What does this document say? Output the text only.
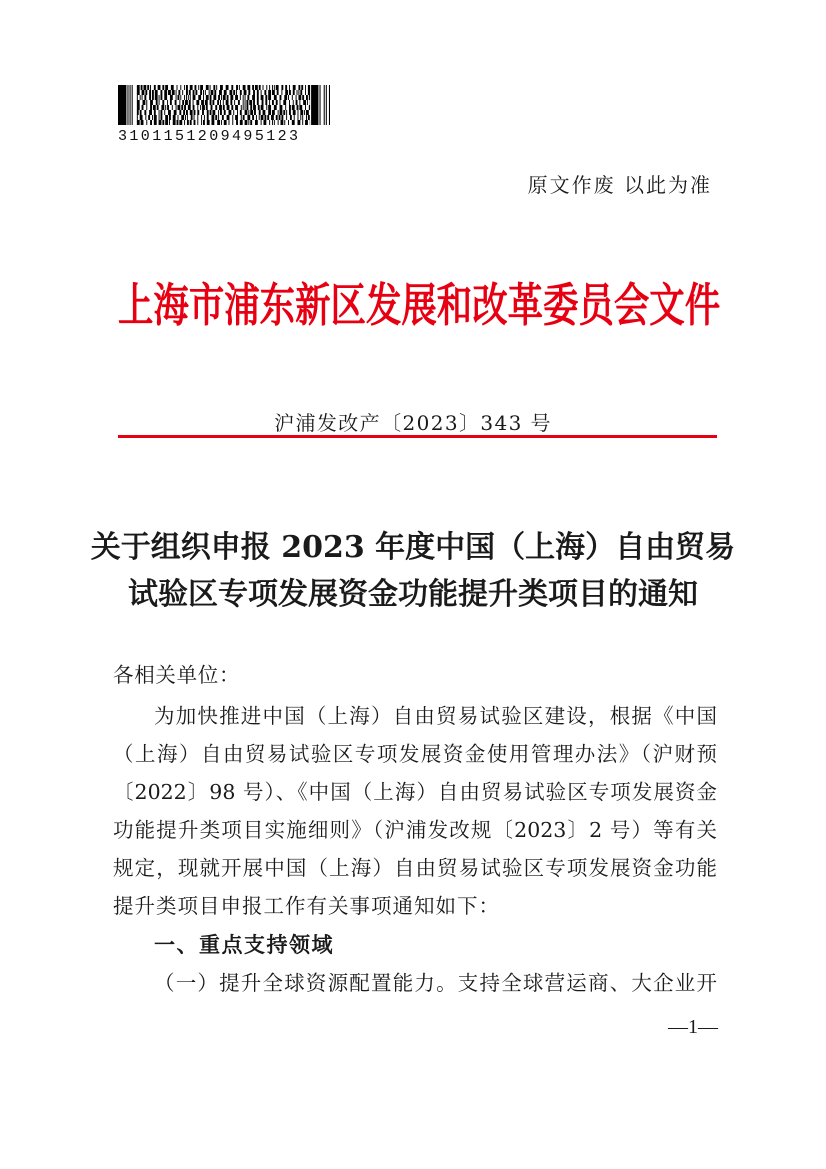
3101151209495123
原文作废 以此为准
上海市浦东新区发展和改革委员会文件
沪浦发改产〔2023〕343 号
关于组织申报 2023 年度中国（上海）自由贸易
试验区专项发展资金功能提升类项目的通知
各相关单位：
为加快推进中国（上海）自由贸易试验区建设，根据《中国
（上海）自由贸易试验区专项发展资金使用管理办法》（沪财预
〔2022〕98 号）、《中国（上海）自由贸易试验区专项发展资金
功能提升类项目实施细则》（沪浦发改规〔2023〕2 号）等有关
规定，现就开展中国（上海）自由贸易试验区专项发展资金功能
提升类项目申报工作有关事项通知如下：
一、重点支持领域
（一）提升全球资源配置能力。支持全球营运商、大企业开
—1—
